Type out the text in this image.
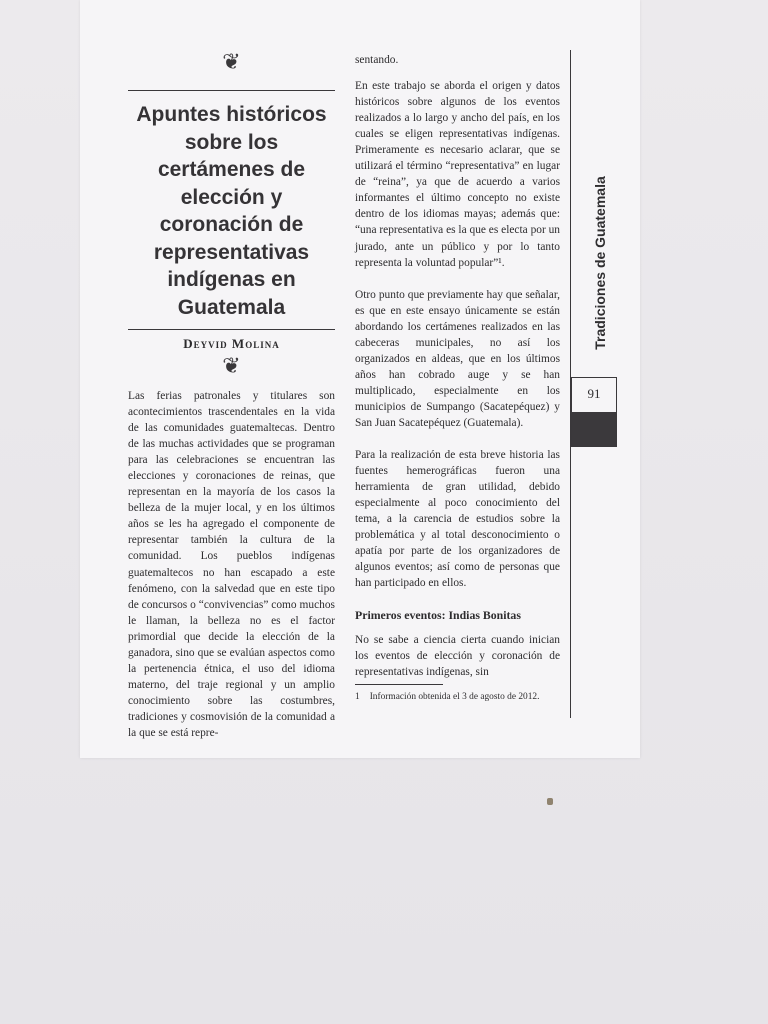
Apuntes históricos sobre los certámenes de elección y coronación de representativas indígenas en Guatemala
Deyvid Molina
❦

Las ferias patronales y titulares son acontecimientos trascendentales en la vida de las comunidades guatemaltecas. Dentro de las muchas actividades que se programan para las celebraciones se encuentran las elecciones y coronaciones de reinas, que representan en la mayoría de los casos la belleza de la mujer local, y en los últimos años se les ha agregado el componente de representar también la cultura de la comunidad. Los pueblos indígenas guatemaltecos no han escapado a este fenómeno, con la salvedad que en este tipo de concursos o “convivencias” como muchos le llaman, la belleza no es el factor primordial que decide la elección de la ganadora, sino que se evalúan aspectos como la pertenencia étnica, el uso del idioma materno, del traje regional y un amplio conocimiento sobre las costumbres, tradiciones y cosmovisión de la comunidad a la que se está repre-

❦	sentando.

En este trabajo se aborda el origen y datos históricos sobre algunos de los eventos realizados a lo largo y ancho del país, en los cuales se eligen representativas indígenas. Primeramente es necesario aclarar, que se utilizará el término “representativa” en lugar de “reina”, ya que de acuerdo a varios informantes el último concepto no existe dentro de los idiomas mayas; además que: “una representativa es la que es electa por un jurado, ante un público y por lo tanto representa la voluntad popular”¹.

Otro punto que previamente hay que señalar, es que en este ensayo únicamente se están abordando los certámenes realizados en las cabeceras municipales, no así los organizados en aldeas, que en los últimos años han cobrado auge y se han multiplicado, especialmente en los municipios de Sumpango (Sacatepéquez) y San Juan Sacatepéquez (Guatemala).

Para la realización de esta breve historia las fuentes hemerográficas fueron una herramienta de gran utilidad, debido especialmente al poco conocimiento del tema, a la carencia de estudios sobre la problemática y al total desconocimiento o apatía por parte de los organizadores de algunos eventos; así como de personas que han participado en ellos.

Primeros eventos: Indias Bonitas

No se sabe a ciencia cierta cuando inician los eventos de elección y coronación de representativas indígenas, sin

1 Información obtenida el 3 de agosto de 2012.
Tradiciones de Guatemala
91
